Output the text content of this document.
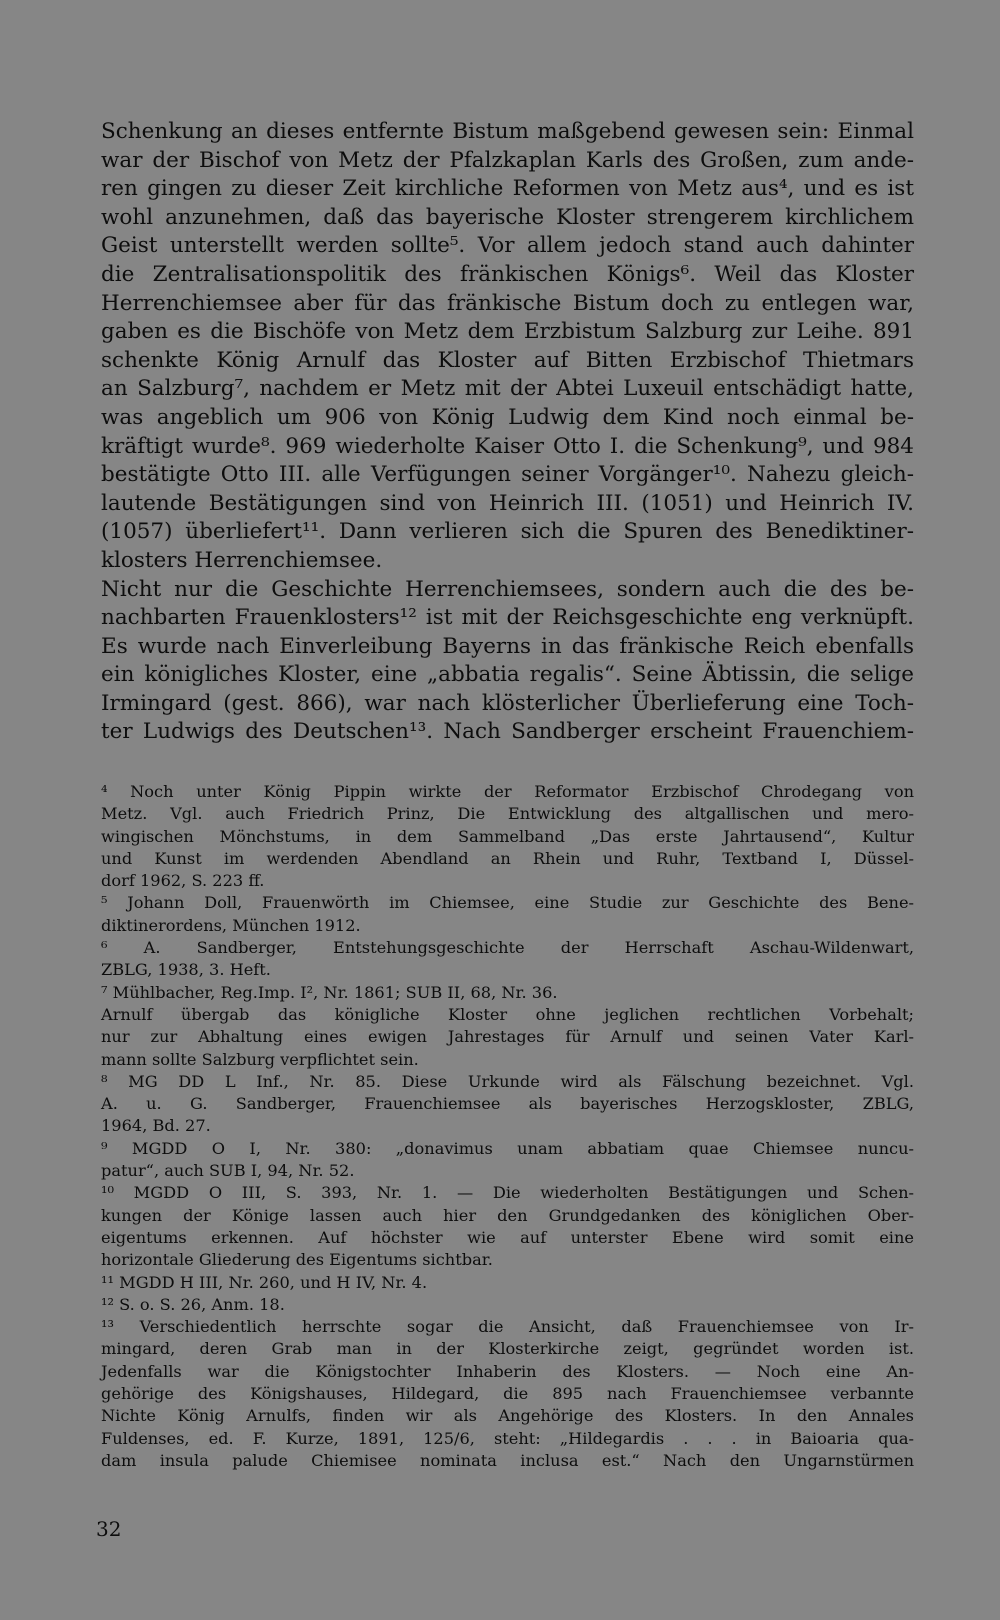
Schenkung an dieses entfernte Bistum maßgebend gewesen sein: Einmal
war der Bischof von Metz der Pfalzkaplan Karls des Großen, zum ande-
ren gingen zu dieser Zeit kirchliche Reformen von Metz aus⁴, und es ist
wohl anzunehmen, daß das bayerische Kloster strengerem kirchlichem
Geist unterstellt werden sollte⁵. Vor allem jedoch stand auch dahinter
die Zentralisationspolitik des fränkischen Königs⁶. Weil das Kloster
Herrenchiemsee aber für das fränkische Bistum doch zu entlegen war,
gaben es die Bischöfe von Metz dem Erzbistum Salzburg zur Leihe. 891
schenkte König Arnulf das Kloster auf Bitten Erzbischof Thietmars
an Salzburg⁷, nachdem er Metz mit der Abtei Luxeuil entschädigt hatte,
was angeblich um 906 von König Ludwig dem Kind noch einmal be-
kräftigt wurde⁸. 969 wiederholte Kaiser Otto I. die Schenkung⁹, und 984
bestätigte Otto III. alle Verfügungen seiner Vorgänger¹⁰. Nahezu gleich-
lautende Bestätigungen sind von Heinrich III. (1051) und Heinrich IV.
(1057) überliefert¹¹. Dann verlieren sich die Spuren des Benediktiner-
klosters Herrenchiemsee.
Nicht nur die Geschichte Herrenchiemsees, sondern auch die des be-
nachbarten Frauenklosters¹² ist mit der Reichsgeschichte eng verknüpft.
Es wurde nach Einverleibung Bayerns in das fränkische Reich ebenfalls
ein königliches Kloster, eine „abbatia regalis“. Seine Äbtissin, die selige
Irmingard (gest. 866), war nach klösterlicher Überlieferung eine Toch-
ter Ludwigs des Deutschen¹³. Nach Sandberger erscheint Frauenchiem-
⁴ Noch unter König Pippin wirkte der Reformator Erzbischof Chrodegang von
Metz. Vgl. auch Friedrich Prinz, Die Entwicklung des altgallischen und mero-
wingischen Mönchstums, in dem Sammelband „Das erste Jahrtausend“, Kultur
und Kunst im werdenden Abendland an Rhein und Ruhr, Textband I, Düssel-
dorf 1962, S. 223 ff.
⁵ Johann Doll, Frauenwörth im Chiemsee, eine Studie zur Geschichte des Bene-
diktinerordens, München 1912.
⁶ A. Sandberger, Entstehungsgeschichte der Herrschaft Aschau-Wildenwart,
ZBLG, 1938, 3. Heft.
⁷ Mühlbacher, Reg.Imp. I², Nr. 1861; SUB II, 68, Nr. 36.
Arnulf übergab das königliche Kloster ohne jeglichen rechtlichen Vorbehalt;
nur zur Abhaltung eines ewigen Jahrestages für Arnulf und seinen Vater Karl-
mann sollte Salzburg verpflichtet sein.
⁸ MG DD L Inf., Nr. 85. Diese Urkunde wird als Fälschung bezeichnet. Vgl.
A. u. G. Sandberger, Frauenchiemsee als bayerisches Herzogskloster, ZBLG,
1964, Bd. 27.
⁹ MGDD O I, Nr. 380: „donavimus unam abbatiam quae Chiemsee nuncu-
patur“, auch SUB I, 94, Nr. 52.
¹⁰ MGDD O III, S. 393, Nr. 1. — Die wiederholten Bestätigungen und Schen-
kungen der Könige lassen auch hier den Grundgedanken des königlichen Ober-
eigentums erkennen. Auf höchster wie auf unterster Ebene wird somit eine
horizontale Gliederung des Eigentums sichtbar.
¹¹ MGDD H III, Nr. 260, und H IV, Nr. 4.
¹² S. o. S. 26, Anm. 18.
¹³ Verschiedentlich herrschte sogar die Ansicht, daß Frauenchiemsee von Ir-
mingard, deren Grab man in der Klosterkirche zeigt, gegründet worden ist.
Jedenfalls war die Königstochter Inhaberin des Klosters. — Noch eine An-
gehörige des Königshauses, Hildegard, die 895 nach Frauenchiemsee verbannte
Nichte König Arnulfs, finden wir als Angehörige des Klosters. In den Annales
Fuldenses, ed. F. Kurze, 1891, 125/6, steht: „Hildegardis . . . in Baioaria qua-
dam insula palude Chiemisee nominata inclusa est.“ Nach den Ungarnstürmen
32
